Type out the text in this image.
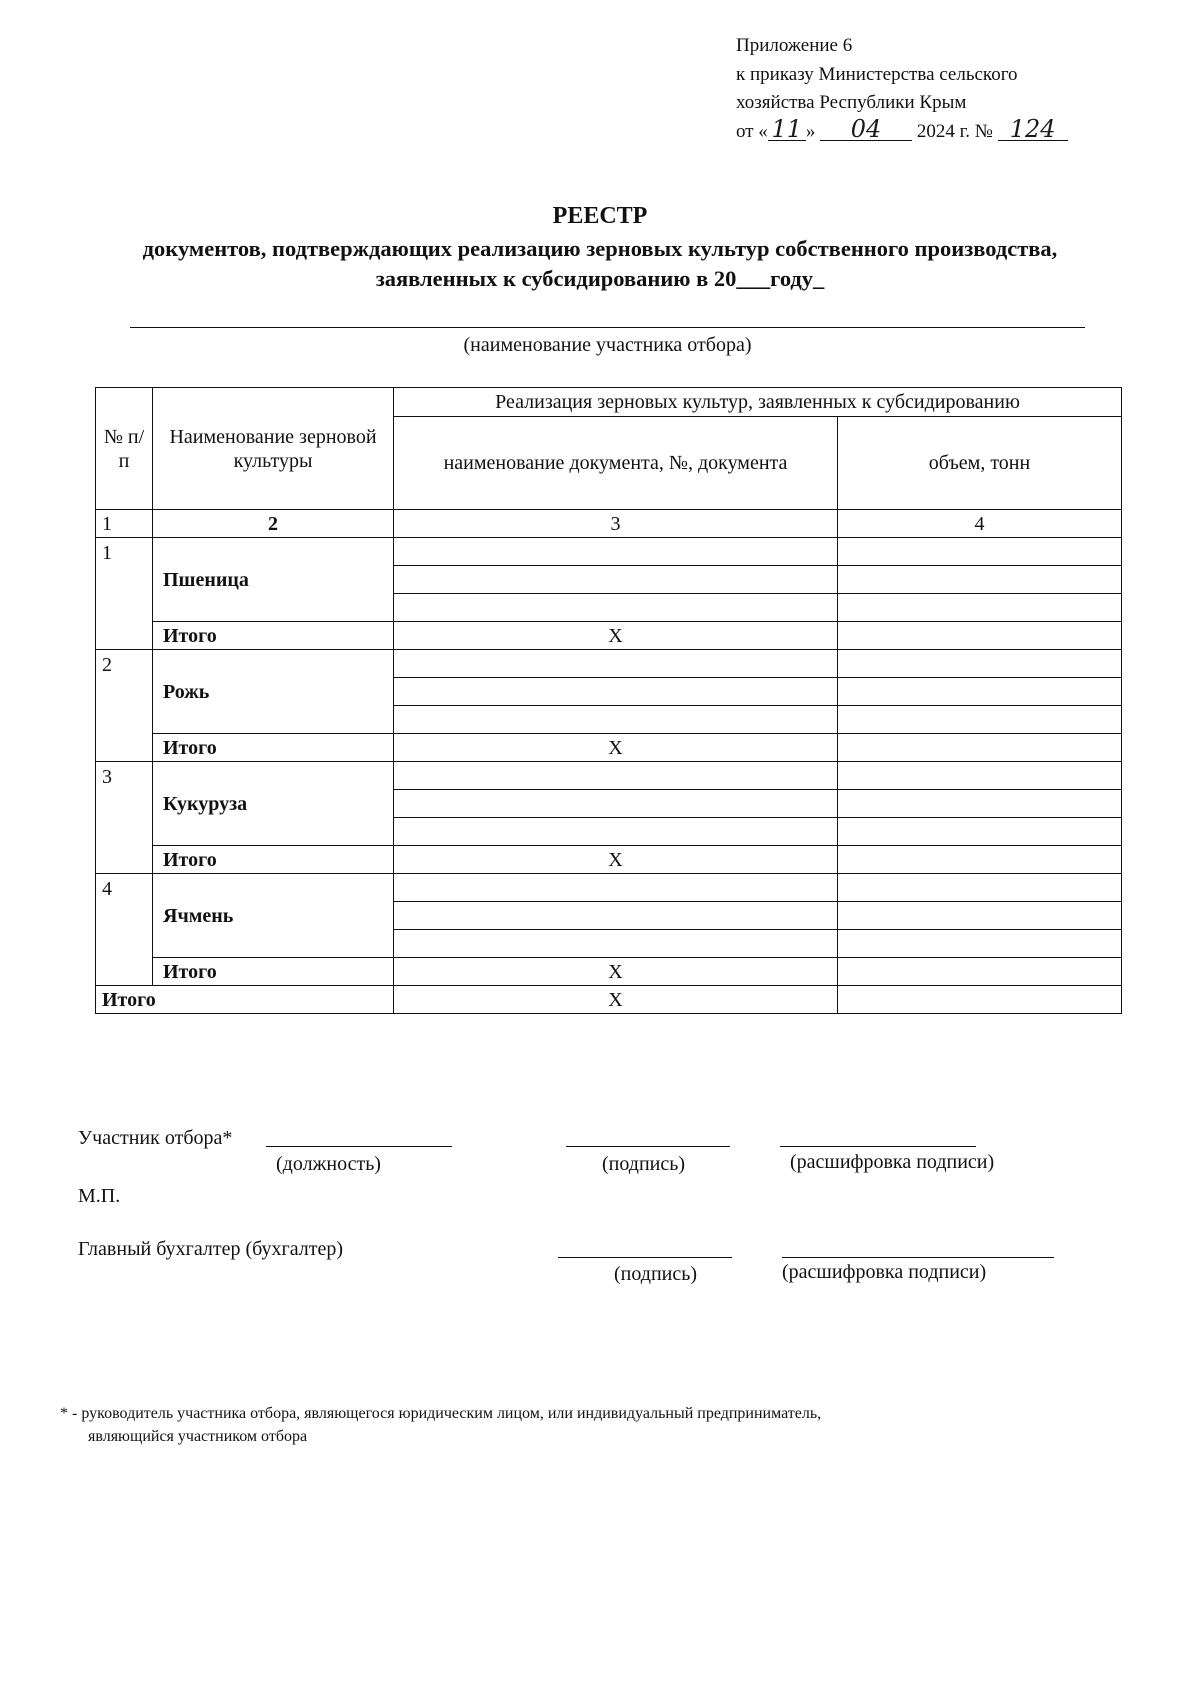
Приложение 6
к приказу Министерства сельского
хозяйства Республики Крым
от « 11 » 04 2024 г. № 124
РЕЕСТР
документов, подтверждающих реализацию зерновых культур собственного производства,
заявленных к субсидированию в 20___году_
(наименование участника отбора)
№ п/п	Наименование зерновой культуры	Реализация зерновых культур, заявленных к субсидированию	
		наименование документа, №, документа	объем, тонн
1	2	3	4
1	Пшеница		

	Итого	X	
2	Рожь		

	Итого	X	
3	Кукуруза		

	Итого	X	
4	Ячмень		

	Итого	X	
Итого		X	
Участник отбора*
(должность)	(подпись)	(расшифровка подписи)
М.П.
Главный бухгалтер (бухгалтер)
(подпись)	(расшифровка подписи)
* - руководитель участника отбора, являющегося юридическим лицом, или индивидуальный предприниматель,
являющийся участником отбора
